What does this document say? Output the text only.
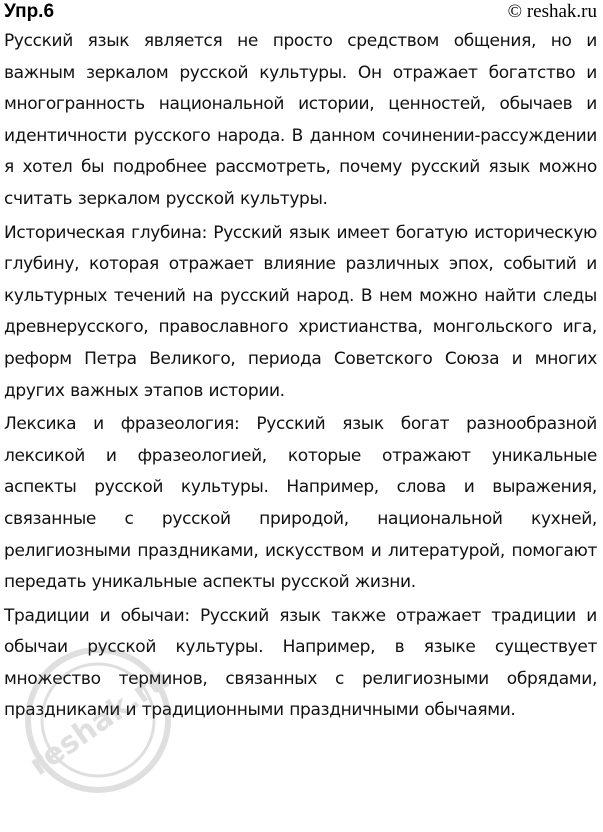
Упр.6	© reshak.ru

Русский язык является не просто средством общения, но и важным зеркалом русской культуры. Он отражает богатство и многогранность национальной истории, ценностей, обычаев и идентичности русского народа. В данном сочинении-рассуждении я хотел бы подробнее рассмотреть, почему русский язык можно считать зеркалом русской культуры.

Историческая глубина: Русский язык имеет богатую историческую глубину, которая отражает влияние различных эпох, событий и культурных течений на русский народ. В нем можно найти следы древнерусского, православного христианства, монгольского ига, реформ Петра Великого, периода Советского Союза и многих других важных этапов истории.

Лексика и фразеология: Русский язык богат разнообразной лексикой и фразеологией, которые отражают уникальные аспекты русской культуры. Например, слова и выражения, связанные с русской природой, национальной кухней, религиозными праздниками, искусством и литературой, помогают передать уникальные аспекты русской жизни.

Традиции и обычаи: Русский язык также отражает традиции и обычаи русской культуры. Например, в языке существует множество терминов, связанных с религиозными обрядами, праздниками и традиционными праздничными обычаями.

reshak.ru
